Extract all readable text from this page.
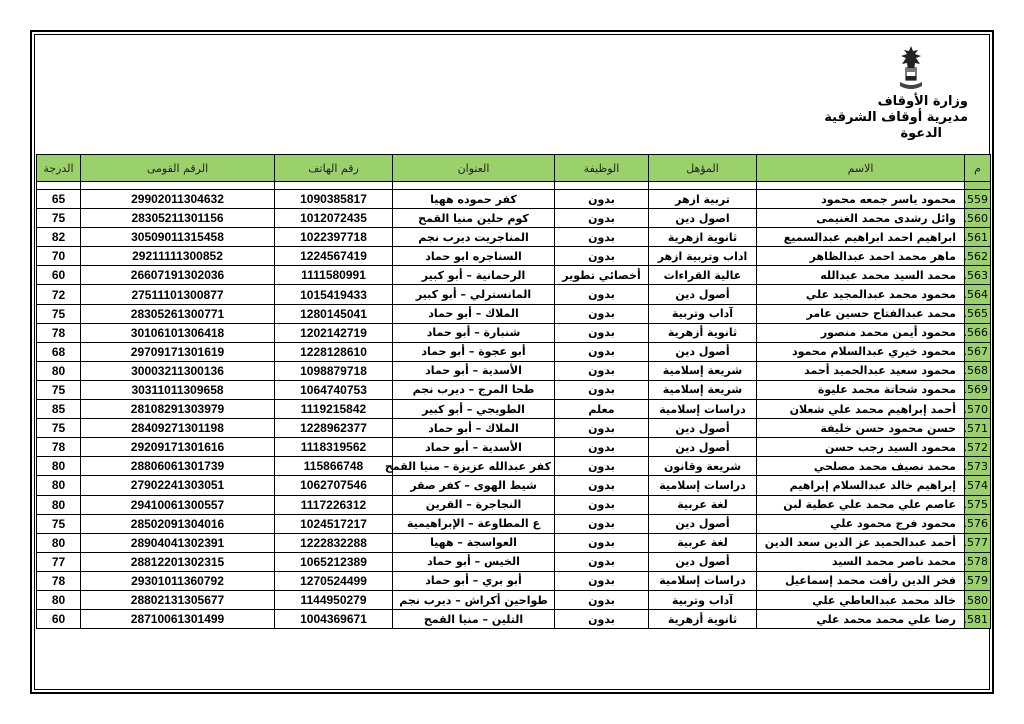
وزارة الأوقاف
مديرية أوقاف الشرقية
الدعوة
م	الاسم	المؤهل	الوظيفة	العنوان	رقم الهاتف	الرقم القومى	الدرجة

559.	محمود ياسر جمعه محمود	تربية ازهر	بدون	كفر حموده ههيا	1090385817	29902011304632	65
560.	وائل رشدى محمد الغنيمى	اصول دين	بدون	كوم حلين منيا القمح	1012072435	28305211301156	75
561.	ابراهيم احمد ابراهيم عبدالسميع	ثانوية ازهرية	بدون	المناجريت ديرب نجم	1022397718	30509011315458	82
562.	ماهر محمد احمد عبدالظاهر	اداب وتربية ازهر	بدون	السناجره ابو حماد	1224567419	29211111300852	70
563.	محمد السيد محمد عبدالله	عالية القراءات	أخصائي تطوير	الرحمانية – أبو كبير	1111580991	26607191302036	60
564.	محمود محمد عبدالمجيد علي	أصول دين	بدون	المانسترلي – أبو كبير	1015419433	27511101300877	72
565.	محمد عبدالفتاح حسين عامر	آداب وتربية	بدون	الملاك – أبو حماد	1280145041	28305261300771	75
566.	محمود أيمن محمد منصور	ثانوية أزهرية	بدون	شنبارة – أبو حماد	1202142719	30106101306418	78
567.	محمود خيري عبدالسلام محمود	أصول دين	بدون	أبو عجوة – أبو حماد	1228128610	29709171301619	68
568.	محمود سعيد عبدالحميد أحمد	شريعة إسلامية	بدون	الأسدية – أبو حماد	1098879718	30003211300136	80
569.	محمود شحاتة محمد عليوة	شريعة إسلامية	بدون	طحا المرج – ديرب نجم	1064740753	30311011309658	75
570.	أحمد إبراهيم محمد علي شعلان	دراسات إسلامية	معلم	الطويجي – أبو كبير	1119215842	28108291303979	85
571.	حسن محمود حسن خليفة	أصول دين	بدون	الملاك – أبو حماد	1228962377	28409271301198	75
572.	محمود السيد رجب حسن	أصول دين	بدون	الأسدية – أبو حماد	1118319562	29209171301616	78
573.	محمد نصيف محمد مصلحي	شريعة وقانون	بدون	كفر عبدالله عزيزة – منيا القمح	115866748	28806061301739	80
574.	إبراهيم خالد عبدالسلام إبراهيم	دراسات إسلامية	بدون	شيط الهوى – كفر صقر	1062707546	27902241303051	80
575.	عاصم علي محمد علي عطية لبن	لغة عربية	بدون	النجاجرة – القرين	1117226312	29410061300557	80
576.	محمود فرج محمود علي	أصول دين	بدون	ع المطاوعة – الإبراهيمية	1024517217	28502091304016	75
577.	أحمد عبدالحميد عز الدين سعد الدين	لغة عربية	بدون	العواسجة – ههيا	1222832288	28904041302391	80
578.	محمد ناصر محمد السيد	أصول دين	بدون	الخيس – أبو حماد	1065212389	28812201302315	77
579.	فخر الدين رأفت محمد إسماعيل	دراسات إسلامية	بدون	أبو بري – أبو حماد	1270524499	29301011360792	78
580.	خالد محمد عبدالعاطي علي	آداب وتربية	بدون	طواحين أكراش – ديرب نجم	1144950279	28802131305677	80
581.	رضا علي محمد محمد علي	ثانوية أزهرية	بدون	التلين – منيا القمح	1004369671	28710061301499	60
